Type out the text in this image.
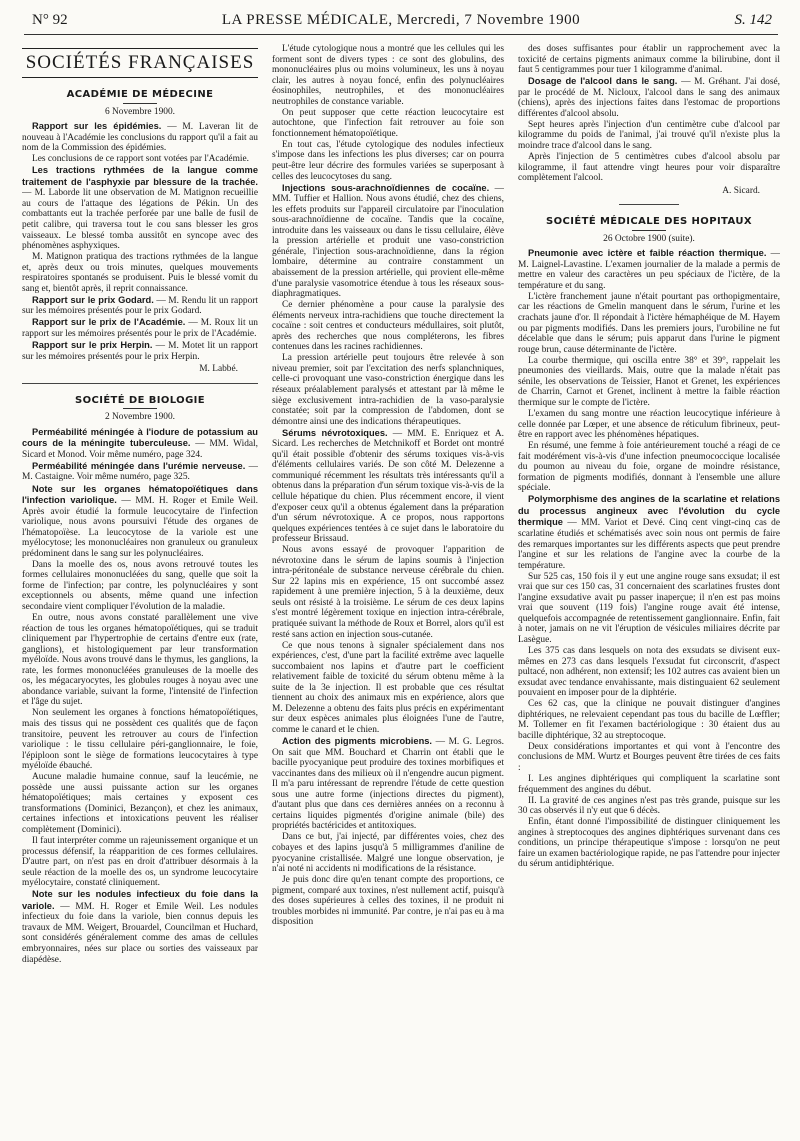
N° 92	LA PRESSE MÉDICALE, Mercredi, 7 Novembre 1900	S. 142
SOCIÉTÉS FRANÇAISES
ACADÉMIE DE MÉDECINE
6 Novembre 1900.

Rapport sur les épidémies. — M. Laveran lit de nouveau à l'Académie les conclusions du rapport qu'il a fait au nom de la Commission des épidémies.

Les conclusions de ce rapport sont votées par l'Académie.

Les tractions rythmées de la langue comme traitement de l'asphyxie par blessure de la trachée. — M. Laborde lit une observation de M. Matignon recueillie au cours de l'attaque des légations de Pékin. Un des combattants eut la trachée perforée par une balle de fusil de petit calibre, qui traversa tout le cou sans blesser les gros vaisseaux. Le blessé tomba aussitôt en syncope avec des phénomènes asphyxiques.

M. Matignon pratiqua des tractions rythmées de la langue et, après deux ou trois minutes, quelques mouvements respiratoires spontanés se produisent. Puis le blessé vomit du sang et, bientôt après, il reprit connaissance.

Rapport sur le prix Godard. — M. Rendu lit un rapport sur les mémoires présentés pour le prix Godard.

Rapport sur le prix de l'Académie. — M. Roux lit un rapport sur les mémoires présentés pour le prix de l'Académie.

Rapport sur le prix Herpin. — M. Motet lit un rapport sur les mémoires présentés pour le prix Herpin.

M. Labbé.
SOCIÉTÉ DE BIOLOGIE
2 Novembre 1900.

Perméabilité méningée à l'iodure de potassium au cours de la méningite tuberculeuse. — MM. Widal, Sicard et Monod. Voir même numéro, page 324.

Perméabilité méningée dans l'urémie nerveuse. — M. Castaigne. Voir même numéro, page 325.

Note sur les organes hématopoïétiques dans l'infection variolique. — MM. H. Roger et Emile Weil. Après avoir étudié la formule leucocytaire de l'infection variolique, nous avons poursuivi l'étude des organes de l'hématopoïèse. La leucocytose de la variole est une myélocytose; les mononucléaires non granuleux ou granuleux prédominent dans le sang sur les polynucléaires.

Dans la moelle des os, nous avons retrouvé toutes les formes cellulaires mononucléées du sang, quelle que soit la forme de l'infection; par contre, les polynucléaires y sont exceptionnels ou absents, même quand une infection secondaire vient compliquer l'évolution de la maladie.

En outre, nous avons constaté parallèlement une vive réaction de tous les organes hématopoïétiques, qui se traduit cliniquement par l'hypertrophie de certains d'entre eux (rate, ganglions), et histologiquement par leur transformation myéloïde. Nous avons trouvé dans le thymus, les ganglions, la rate, les formes mononucléées granuleuses de la moelle des os, les mégacaryocytes, les globules rouges à noyau avec une abondance variable, suivant la forme, l'intensité de l'infection et l'âge du sujet.

Non seulement les organes à fonctions hématopoïétiques, mais des tissus qui ne possèdent ces qualités que de façon transitoire, peuvent les retrouver au cours de l'infection variolique : le tissu cellulaire péri-ganglionnaire, le foie, l'épiploon sont le siège de formations leucocytaires à type myéloïde ébauché.

Aucune maladie humaine connue, sauf la leucémie, ne possède une aussi puissante action sur les organes hématopoïétiques; mais certaines y exposent ces transformations (Dominici, Bezançon), et chez les animaux, certaines infections et intoxications peuvent les réaliser complètement (Dominici).

Il faut interpréter comme un rajeunissement organique et un processus défensif, la réapparition de ces formes cellulaires. D'autre part, on n'est pas en droit d'attribuer désormais à la seule réaction de la moelle des os, un syndrome leucocytaire myélocytaire, constaté cliniquement.

Note sur les nodules infectieux du foie dans la variole. — MM. H. Roger et Emile Weil. Les nodules infectieux du foie dans la variole, bien connus depuis les travaux de MM. Weigert, Brouardel, Councilman et Huchard, sont considérés généralement comme des amas de cellules embryonnaires, nées sur place ou sorties des vaisseaux par diapédèse.

L'étude cytologique nous a montré que les cellules qui les forment sont de divers types : ce sont des globulins, des mononucléaires plus ou moins volumineux, les uns à noyau clair, les autres à noyau foncé, enfin des polynucléaires éosinophiles, neutrophiles, et des mononucléaires neutrophiles de constance variable.

On peut supposer que cette réaction leucocytaire est autochtone, que l'infection fait retrouver au foie son fonctionnement hématopoïétique.

En tout cas, l'étude cytologique des nodules infectieux s'impose dans les infections les plus diverses; car on pourra peut-être leur décrire des formules variées se superposant à celles des leucocytoses du sang.

Injections sous-arachnoïdiennes de cocaïne. — MM. Tuffier et Hallion. Nous avons étudié, chez des chiens, les effets produits sur l'appareil circulatoire par l'inoculation sous-arachnoïdienne de cocaïne. Tandis que la cocaïne, introduite dans les vaisseaux ou dans le tissu cellulaire, élève la pression artérielle et produit une vaso-constriction générale, l'injection sous-arachnoïdienne, dans la région lombaire, détermine au contraire constamment un abaissement de la pression artérielle, qui provient elle-même d'une paralysie vasomotrice étendue à tous les réseaux sous-diaphragmatiques.

Ce dernier phénomène a pour cause la paralysie des éléments nerveux intra-rachidiens que touche directement la cocaïne : soit centres et conducteurs médullaires, soit plutôt, après des recherches que nous compléterons, les fibres contenues dans les racines rachidiennes.

La pression artérielle peut toujours être relevée à son niveau premier, soit par l'excitation des nerfs splanchniques, celle-ci provoquant une vaso-constriction énergique dans les réseaux préalablement paralysés et attestant par là même le siège exclusivement intra-rachidien de la vaso-paralysie constatée; soit par la compression de l'abdomen, dont se démontre ainsi une des indications thérapeutiques.

Sérums névrotoxiques. — MM. E. Enriquez et A. Sicard. Les recherches de Metchnikoff et Bordet ont montré qu'il était possible d'obtenir des sérums toxiques vis-à-vis d'éléments cellulaires variés. De son côté M. Delezenne a communiqué récemment les résultats très intéressants qu'il a obtenus dans la préparation d'un sérum toxique vis-à-vis de la cellule hépatique du chien. Plus récemment encore, il vient d'exposer ceux qu'il a obtenus également dans la préparation d'un sérum névrotoxique. A ce propos, nous rapportons quelques expériences tentées à ce sujet dans le laboratoire du professeur Brissaud.

Nous avons essayé de provoquer l'apparition de névrotoxine dans le sérum de lapins soumis à l'injection intra-péritonéale de substance nerveuse cérébrale du chien. Sur 22 lapins mis en expérience, 15 ont succombé assez rapidement à une première injection, 5 à la deuxième, deux seuls ont résisté à la troisième. Le sérum de ces deux lapins s'est montré légèrement toxique en injection intra-cérébrale, pratiquée suivant la méthode de Roux et Borrel, alors qu'il est resté sans action en injection sous-cutanée.

Ce que nous tenons à signaler spécialement dans nos expériences, c'est, d'une part la facilité extrême avec laquelle succombaient nos lapins et d'autre part le coefficient relativement faible de toxicité du sérum obtenu même à la suite de la 3e injection. Il est probable que ces résultat tiennent au choix des animaux mis en expérience, alors que M. Delezenne a obtenu des faits plus précis en expérimentant sur deux espèces animales plus éloignées l'une de l'autre, comme le canard et le chien.

Action des pigments microbiens. — M. G. Legros. On sait que MM. Bouchard et Charrin ont établi que le bacille pyocyanique peut produire des toxines morbifiques et vaccinantes dans des milieux où il n'engendre aucun pigment. Il m'a paru intéressant de reprendre l'étude de cette question sous une autre forme (injections directes du pigment), d'autant plus que dans ces dernières années on a reconnu à certains liquides pigmentés d'origine animale (bile) des propriétés bactéricides et antitoxiques.

Dans ce but, j'ai injecté, par différentes voies, chez des cobayes et des lapins jusqu'à 5 milligrammes d'aniline de pyocyanine cristallisée. Malgré une longue observation, je n'ai noté ni accidents ni modifications de la résistance.

Je puis donc dire qu'en tenant compte des proportions, ce pigment, comparé aux toxines, n'est nullement actif, puisqu'à des doses supérieures à celles des toxines, il ne produit ni troubles morbides ni immunité. Par contre, je n'ai pas eu à ma disposition

des doses suffisantes pour établir un rapprochement avec la toxicité de certains pigments animaux comme la bilirubine, dont il faut 5 centigrammes pour tuer 1 kilogramme d'animal.

Dosage de l'alcool dans le sang. — M. Gréhant. J'ai dosé, par le procédé de M. Nicloux, l'alcool dans le sang des animaux (chiens), après des injections faites dans l'estomac de proportions différentes d'alcool absolu.

Sept heures après l'injection d'un centimètre cube d'alcool par kilogramme du poids de l'animal, j'ai trouvé qu'il n'existe plus la moindre trace d'alcool dans le sang.

Après l'injection de 5 centimètres cubes d'alcool absolu par kilogramme, il faut attendre vingt heures pour voir disparaître complètement l'alcool.

A. Sicard.
SOCIÉTÉ MÉDICALE DES HOPITAUX
26 Octobre 1900 (suite).

Pneumonie avec ictère et faible réaction thermique. — M. Laignel-Lavastine. L'examen journalier de la malade a permis de mettre en valeur des caractères un peu spéciaux de l'ictère, de la température et du sang.

L'ictère franchement jaune n'était pourtant pas orthopigmentaire, car les réactions de Gmelin manquent dans le sérum, l'urine et les crachats jaune d'or. Il répondait à l'ictère hémaphéique de M. Hayem ou par pigments modifiés. Dans les premiers jours, l'urobiline ne fut décelable que dans le sérum; puis apparut dans l'urine le pigment rouge brun, cause déterminante de l'ictère.

La courbe thermique, qui oscilla entre 38° et 39°, rappelait les pneumonies des vieillards. Mais, outre que la malade n'était pas sénile, les observations de Teissier, Hanot et Grenet, les expériences de Charrin, Carnot et Grenet, inclinent à mettre la faible réaction thermique sur le compte de l'ictère.

L'examen du sang montre une réaction leucocytique inférieure à celle donnée par Lœper, et une absence de réticulum fibrineux, peut-être en rapport avec les phénomènes hépatiques.

En résumé, une femme à foie antérieurement touché a réagi de ce fait modérément vis-à-vis d'une infection pneumococcique localisée du poumon au niveau du foie, organe de moindre résistance, formation de pigments modifiés, donnant à l'ensemble une allure spéciale.

Polymorphisme des angines de la scarlatine et relations du processus angineux avec l'évolution du cycle thermique — MM. Variot et Devé. Cinq cent vingt-cinq cas de scarlatine étudiés et schématisés avec soin nous ont permis de faire des remarques importantes sur les différents aspects que peut prendre l'angine et sur les relations de l'angine avec la courbe de la température.

Sur 525 cas, 150 fois il y eut une angine rouge sans exsudat; il est vrai que sur ces 150 cas, 31 concernaient des scarlatines frustes dont l'angine exsudative avait pu passer inaperçue; il n'en est pas moins vrai que souvent (119 fois) l'angine rouge avait été intense, quelquefois accompagnée de retentissement ganglionnaire. Enfin, fait à noter, jamais on ne vit l'éruption de vésicules miliaires décrite par Lasègue.

Les 375 cas dans lesquels on nota des exsudats se divisent eux-mêmes en 273 cas dans lesquels l'exsudat fut circonscrit, d'aspect pultacé, non adhérent, non extensif; les 102 autres cas avaient bien un exsudat avec tendance envahissante, mais distinguaient 62 seulement pouvaient en imposer pour de la diphtérie.

Ces 62 cas, que la clinique ne pouvait distinguer d'angines diphtériques, ne relevaient cependant pas tous du bacille de Lœffler; M. Tollemer en fit l'examen bactériologique : 30 étaient dus au bacille diphtérique, 32 au streptocoque.

Deux considérations importantes et qui vont à l'encontre des conclusions de MM. Wurtz et Bourges peuvent être tirées de ces faits :

I. Les angines diphtériques qui compliquent la scarlatine sont fréquemment des angines du début.

II. La gravité de ces angines n'est pas très grande, puisque sur les 30 cas observés il n'y eut que 6 décès.

Enfin, étant donné l'impossibilité de distinguer cliniquement les angines à streptocoques des angines diphtériques survenant dans ces conditions, un principe thérapeutique s'impose : lorsqu'on ne peut faire un examen bactériologique rapide, ne pas l'attendre pour injecter du sérum antidiphtérique.
